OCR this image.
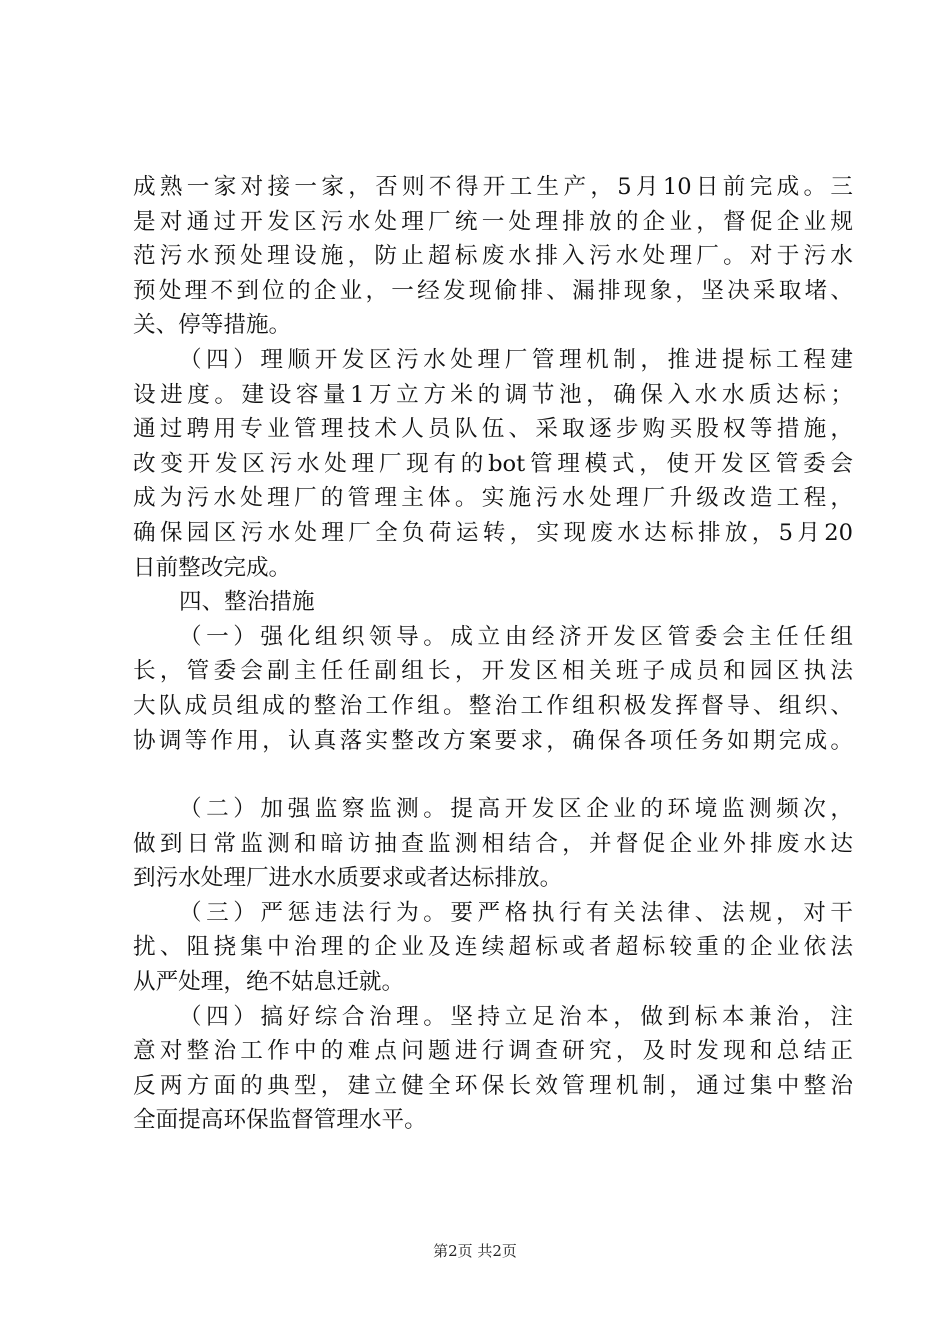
成熟一家对接一家，否则不得开工生产，5月10日前完成。三
是对通过开发区污水处理厂统一处理排放的企业，督促企业规
范污水预处理设施，防止超标废水排入污水处理厂。对于污水
预处理不到位的企业，一经发现偷排、漏排现象，坚决采取堵、
关、停等措施。
（四）理顺开发区污水处理厂管理机制，推进提标工程建
设进度。建设容量1万立方米的调节池，确保入水水质达标；
通过聘用专业管理技术人员队伍、采取逐步购买股权等措施，
改变开发区污水处理厂现有的bot管理模式，使开发区管委会
成为污水处理厂的管理主体。实施污水处理厂升级改造工程，
确保园区污水处理厂全负荷运转，实现废水达标排放，5月20
日前整改完成。
四、整治措施
（一）强化组织领导。成立由经济开发区管委会主任任组
长，管委会副主任任副组长，开发区相关班子成员和园区执法
大队成员组成的整治工作组。整治工作组积极发挥督导、组织、
协调等作用，认真落实整改方案要求，确保各项任务如期完成。
（二）加强监察监测。提高开发区企业的环境监测频次，
做到日常监测和暗访抽查监测相结合，并督促企业外排废水达
到污水处理厂进水水质要求或者达标排放。
（三）严惩违法行为。要严格执行有关法律、法规，对干
扰、阻挠集中治理的企业及连续超标或者超标较重的企业依法
从严处理，绝不姑息迁就。
（四）搞好综合治理。坚持立足治本，做到标本兼治，注
意对整治工作中的难点问题进行调查研究，及时发现和总结正
反两方面的典型，建立健全环保长效管理机制，通过集中整治
全面提高环保监督管理水平。
第2页 共2页
